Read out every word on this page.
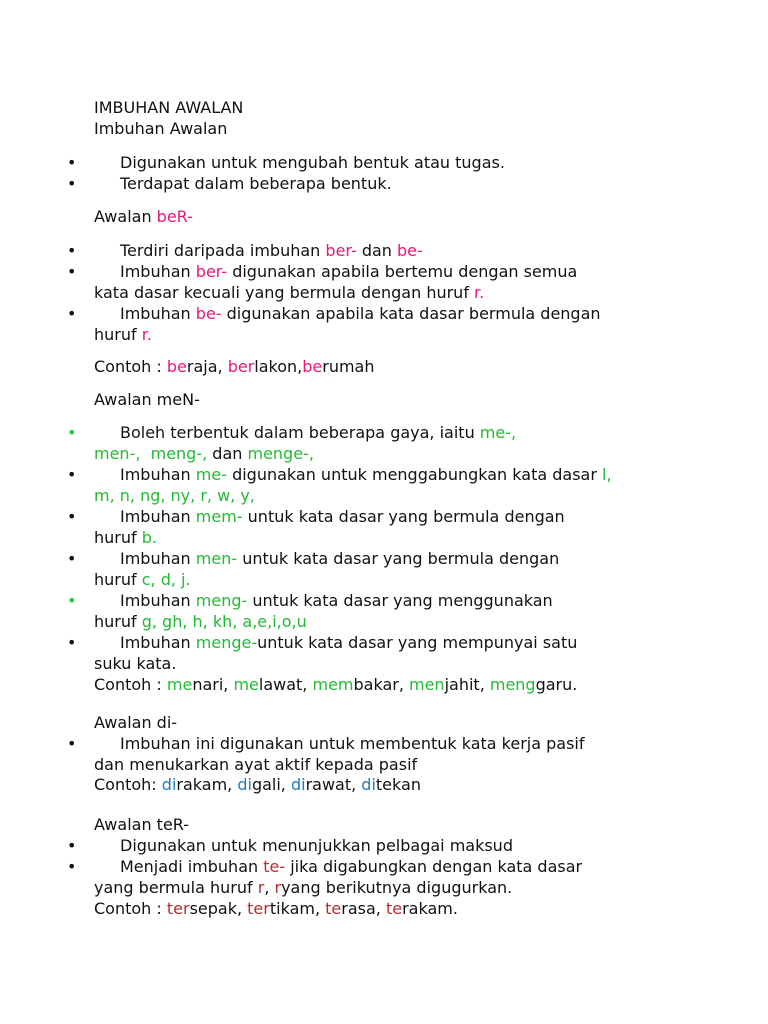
IMBUHAN AWALAN
Imbuhan Awalan
•	Digunakan untuk mengubah bentuk atau tugas.
•	Terdapat dalam beberapa bentuk.
Awalan beR-
•	Terdiri daripada imbuhan ber- dan be-
•	Imbuhan ber- digunakan apabila bertemu dengan semua
kata dasar kecuali yang bermula dengan huruf r.
•	Imbuhan be- digunakan apabila kata dasar bermula dengan
huruf r.
Contoh : beraja, berlakon,berumah
Awalan meN-
•	Boleh terbentuk dalam beberapa gaya, iaitu me-,
men-, meng-, dan menge-,
•	Imbuhan me- digunakan untuk menggabungkan kata dasar l,
m, n, ng, ny, r, w, y,
•	Imbuhan mem- untuk kata dasar yang bermula dengan
huruf b.
•	Imbuhan men- untuk kata dasar yang bermula dengan
huruf c, d, j.
•	Imbuhan meng- untuk kata dasar yang menggunakan
huruf g, gh, h, kh, a,e,i,o,u
•	Imbuhan menge-untuk kata dasar yang mempunyai satu
suku kata.
Contoh : menari, melawat, membakar, menjahit, menggaru.
Awalan di-
•	Imbuhan ini digunakan untuk membentuk kata kerja pasif
dan menukarkan ayat aktif kepada pasif
Contoh: dirakam, digali, dirawat, ditekan
Awalan teR-
•	Digunakan untuk menunjukkan pelbagai maksud
•	Menjadi imbuhan te- jika digabungkan dengan kata dasar
yang bermula huruf r, ryang berikutnya digugurkan.
Contoh : tersepak, tertikam, terasa, terakam.
